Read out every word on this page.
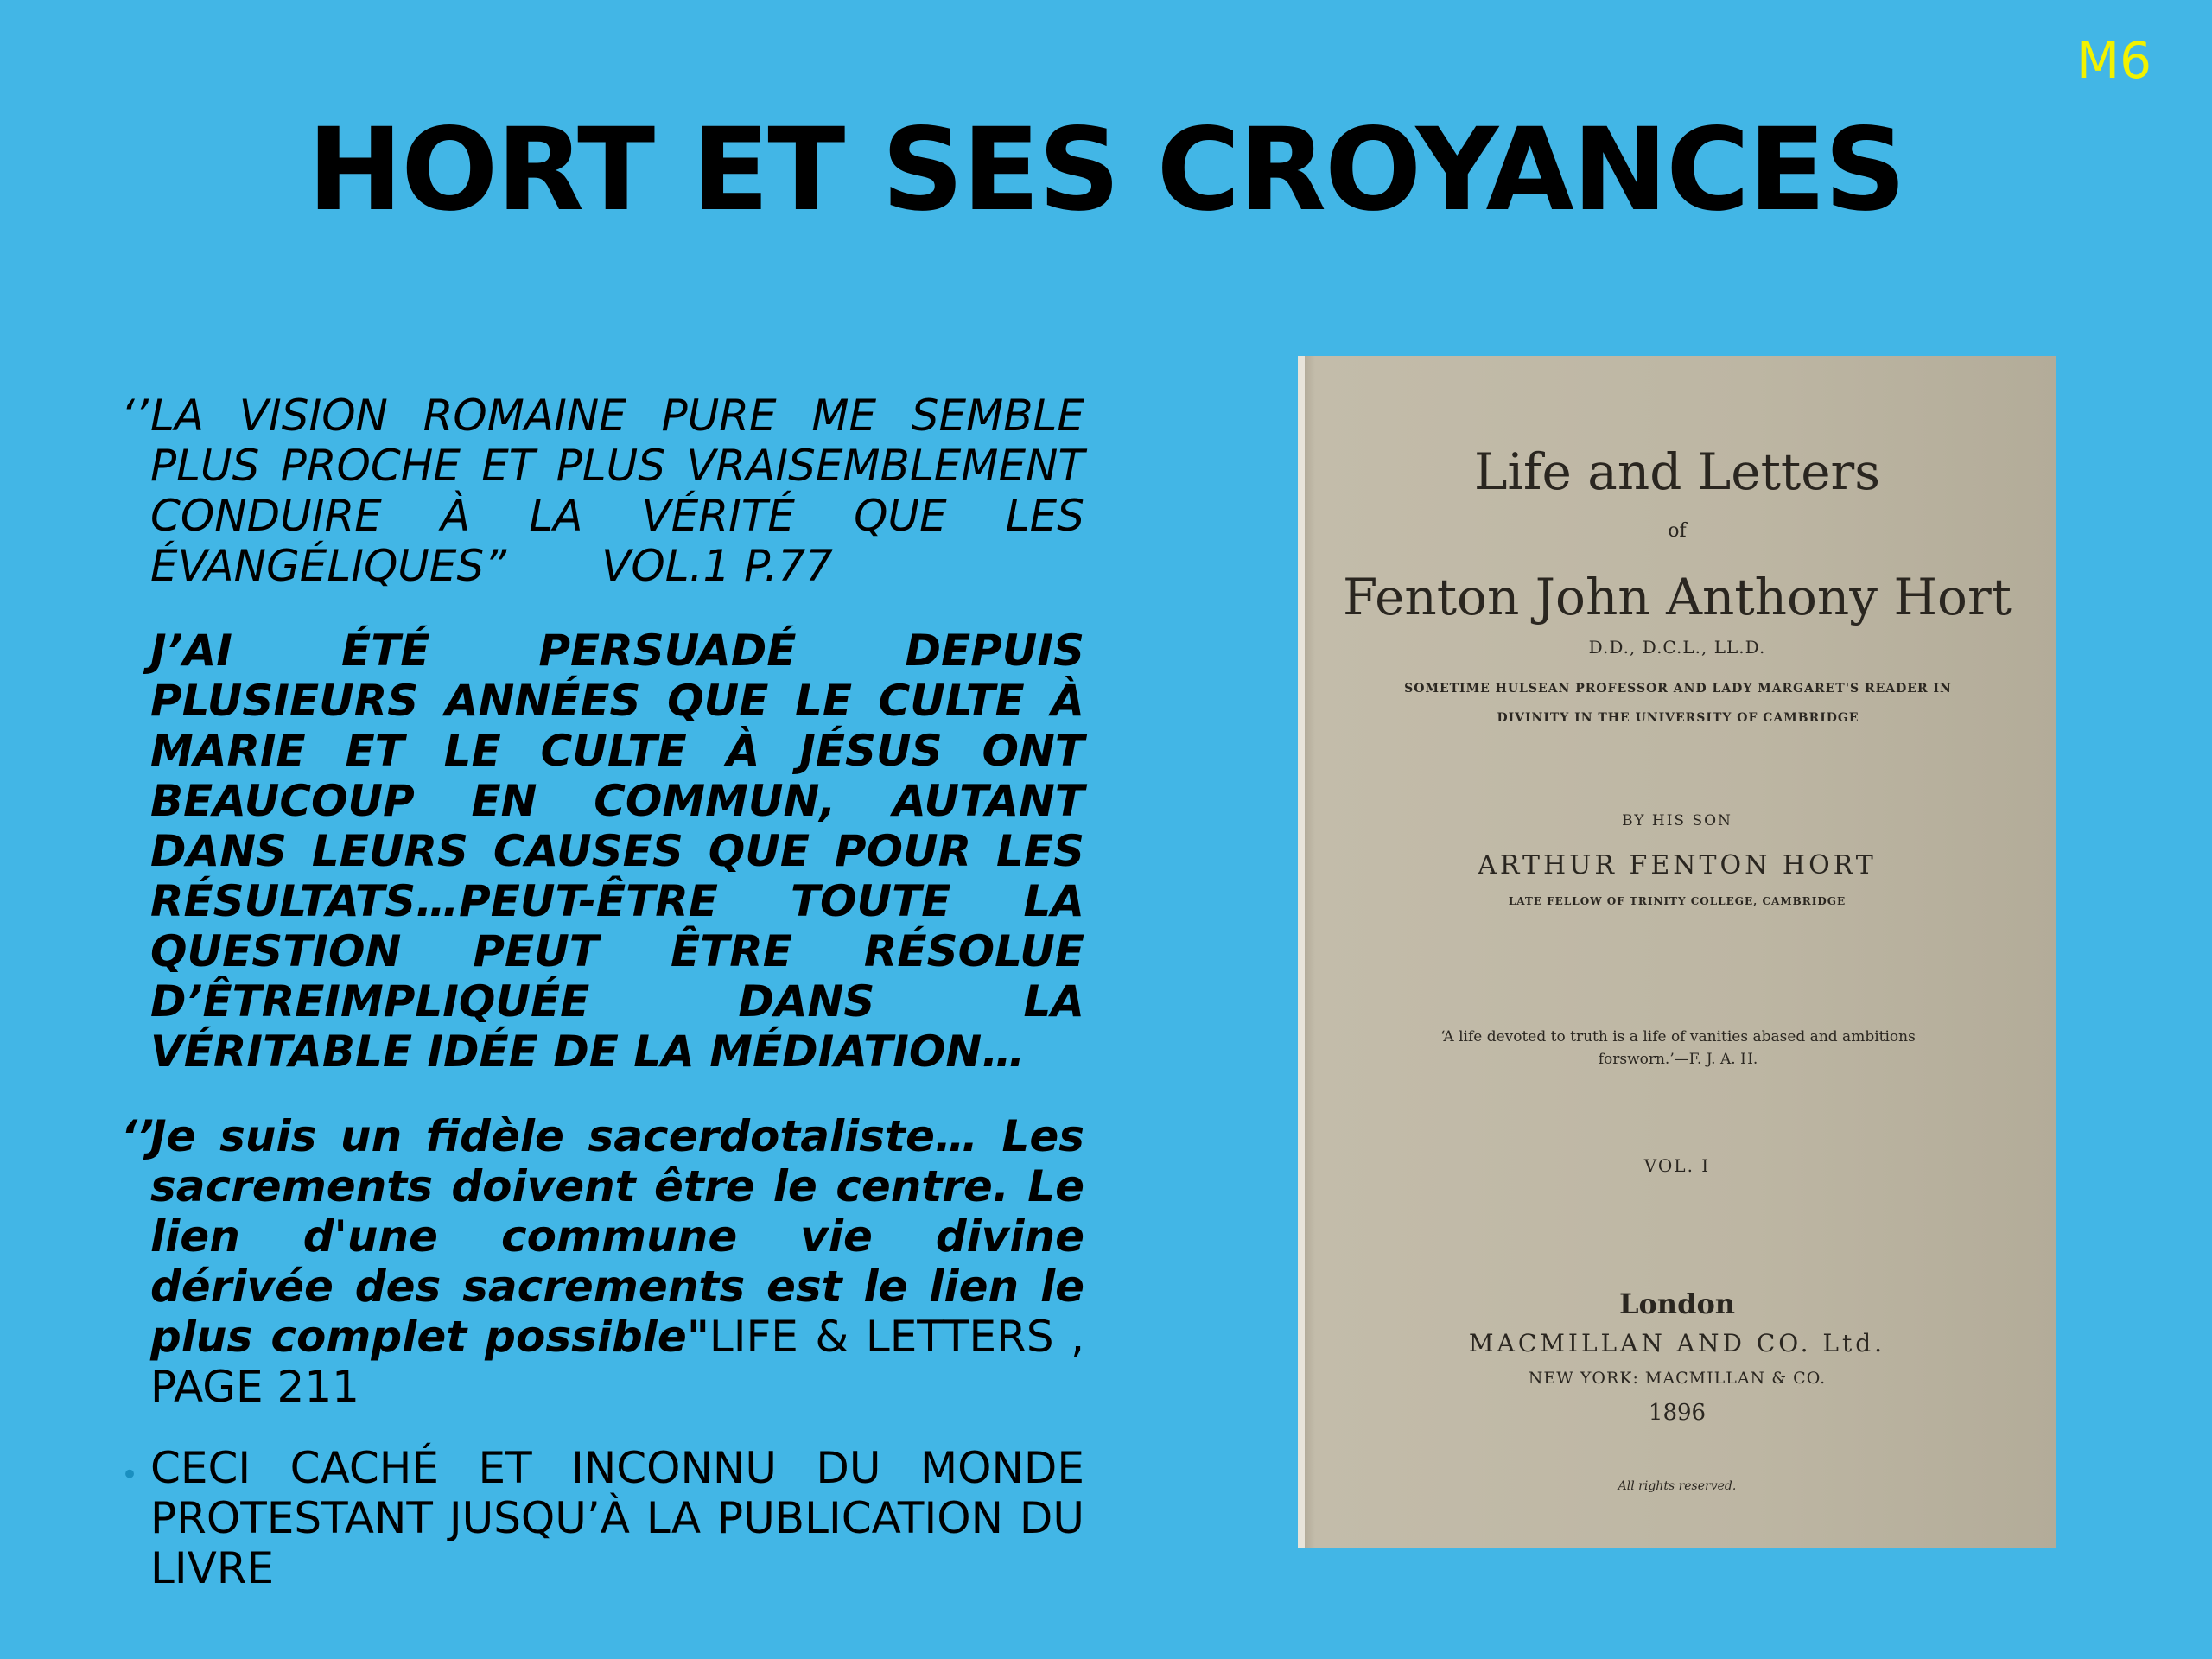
M6
HORT ET SES CROYANCES

‘’ LA VISION ROMAINE PURE ME SEMBLE PLUS PROCHE ET PLUS VRAISEMBLEMENT CONDUIRE À LA VÉRITÉ QUE LES ÉVANGÉLIQUES” VOL.1 P.77

J’AI ÉTÉ PERSUADÉ DEPUIS PLUSIEURS ANNÉES QUE LE CULTE À MARIE ET LE CULTE À JÉSUS ONT BEAUCOUP EN COMMUN, AUTANT DANS LEURS CAUSES QUE POUR LES RÉSULTATS…PEUT-ÊTRE TOUTE LA QUESTION PEUT ÊTRE RÉSOLUE D’ÊTREIMPLIQUÉE DANS LA VÉRITABLE IDÉE DE LA MÉDIATION…

‘’
Je suis un fidèle sacerdotaliste… Les sacrements doivent être le centre. Le lien d'une commune vie divine dérivée des sacrements est le lien le plus complet possible"LIFE & LETTERS , PAGE 211

• CECI CACHÉ ET INCONNU DU MONDE PROTESTANT JUSQU’À LA PUBLICATION DU LIVRE

Life and Letters
of
Fenton John Anthony Hort
D.D., D.C.L., LL.D.
SOMETIME HULSEAN PROFESSOR AND LADY MARGARET'S READER IN DIVINITY IN THE UNIVERSITY OF CAMBRIDGE
BY HIS SON
ARTHUR FENTON HORT
LATE FELLOW OF TRINITY COLLEGE, CAMBRIDGE
‘A life devoted to truth is a life of vanities abased and ambitions forsworn.’—F. J. A. H.
VOL. I
London
MACMILLAN AND CO. Ltd.
NEW YORK: MACMILLAN & CO.
1896
All rights reserved.
